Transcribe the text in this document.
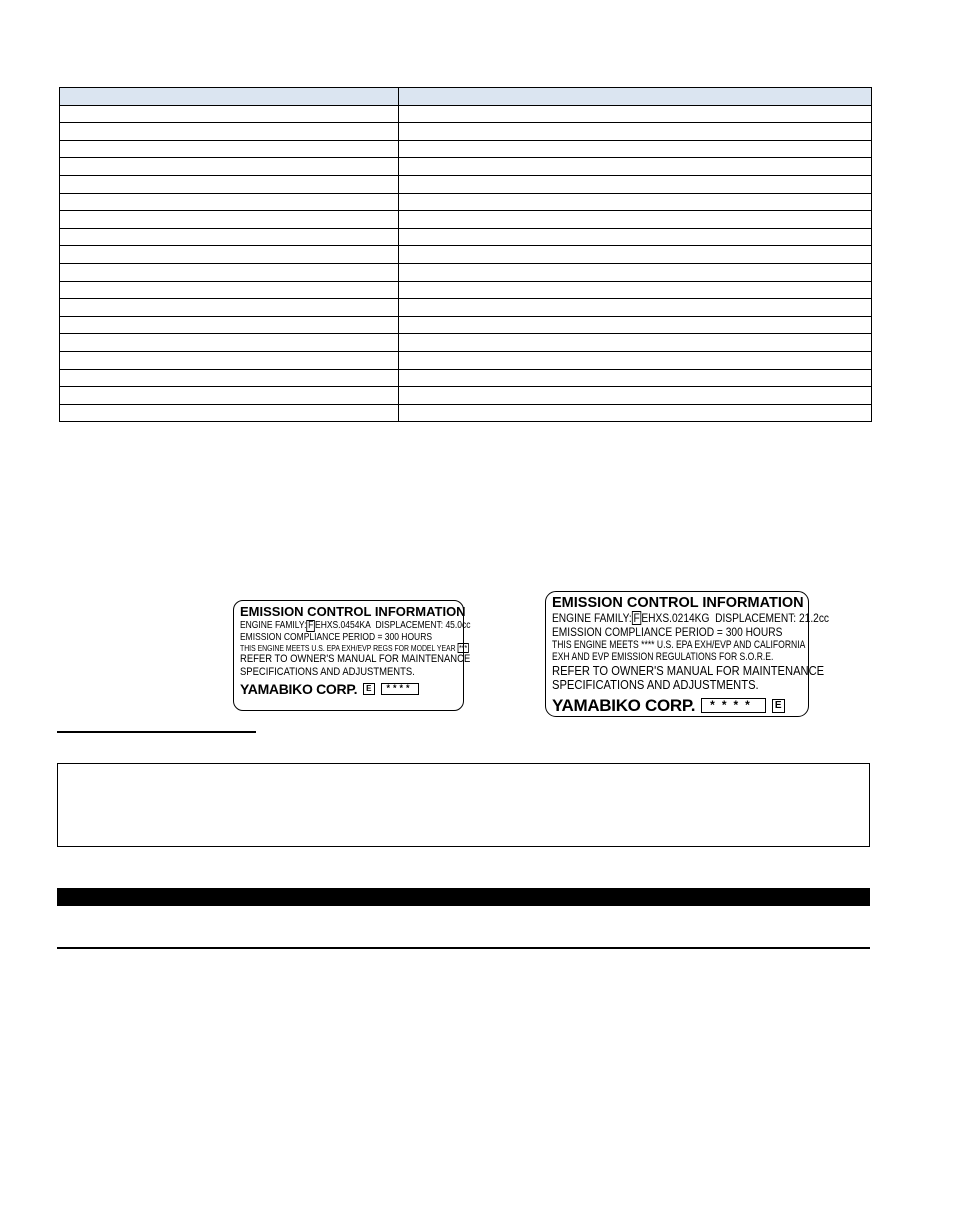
EMISSION CONTROL INFORMATION
ENGINE FAMILY: F EHXS.0454KA DISPLACEMENT: 45.0cc
EMISSION COMPLIANCE PERIOD = 300 HOURS
THIS ENGINE MEETS U.S. EPA EXH/EVP REGS FOR MODEL YEAR ***
REFER TO OWNER'S MANUAL FOR MAINTENANCE
SPECIFICATIONS AND ADJUSTMENTS.
YAMABIKO CORP.	E	****
EMISSION CONTROL INFORMATION
ENGINE FAMILY: F EHXS.0214KG DISPLACEMENT: 21.2cc
EMISSION COMPLIANCE PERIOD = 300 HOURS
THIS ENGINE MEETS **** U.S. EPA EXH/EVP AND CALIFORNIA
EXH AND EVP EMISSION REGULATIONS FOR S.O.R.E.
REFER TO OWNER'S MANUAL FOR MAINTENANCE
SPECIFICATIONS AND ADJUSTMENTS.
YAMABIKO CORP.	****	E
